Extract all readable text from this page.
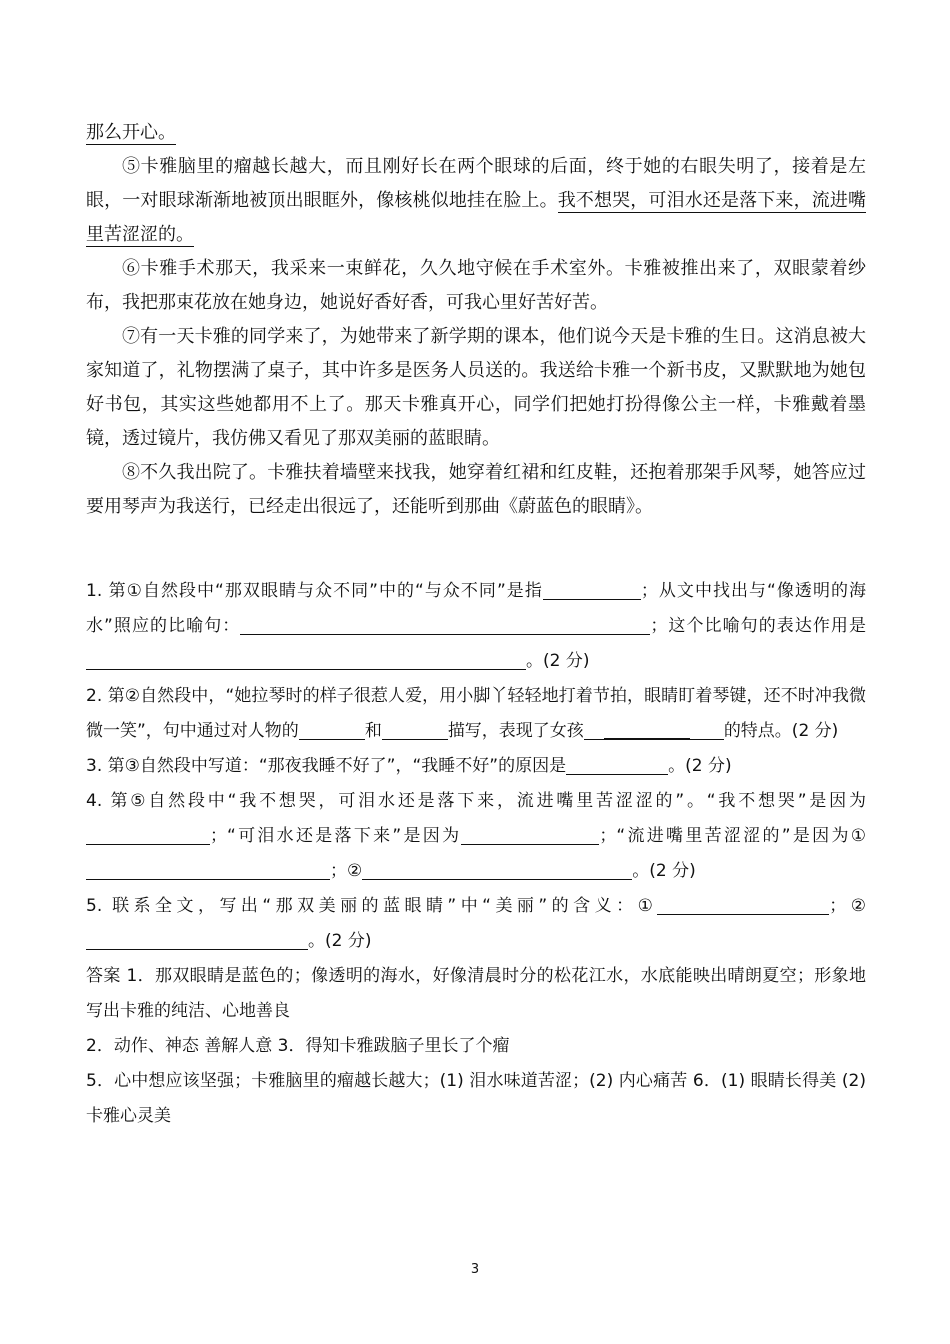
那么开心。

⑤卡雅脑里的瘤越长越大，而且刚好长在两个眼球的后面，终于她的右眼失明了，接着是左眼，一对眼球渐渐地被顶出眼眶外，像核桃似地挂在脸上。我不想哭，可泪水还是落下来，流进嘴里苦涩涩的。

⑥卡雅手术那天，我采来一束鲜花，久久地守候在手术室外。卡雅被推出来了，双眼蒙着纱布，我把那束花放在她身边，她说好香好香，可我心里好苦好苦。

⑦有一天卡雅的同学来了，为她带来了新学期的课本，他们说今天是卡雅的生日。这消息被大家知道了，礼物摆满了桌子，其中许多是医务人员送的。我送给卡雅一个新书皮，又默默地为她包好书包，其实这些她都用不上了。那天卡雅真开心，同学们把她打扮得像公主一样，卡雅戴着墨镜，透过镜片，我仿佛又看见了那双美丽的蓝眼睛。

⑧不久我出院了。卡雅扶着墙壁来找我，她穿着红裙和红皮鞋，还抱着那架手风琴，她答应过要用琴声为我送行，已经走出很远了，还能听到那曲《蔚蓝色的眼睛》。

1. 第①自然段中“那双眼睛与众不同”中的“与众不同”是指	；从文中找出与“像透明的海水”照应的比喻句：	；这个比喻句的表达作用是。(2 分)

2. 第②自然段中，“她拉琴时的样子很惹人爱，用小脚丫轻轻地打着节拍，眼睛盯着琴键，还不时冲我微微一笑”，句中通过对人物的	和	描写，表现了女孩	的特点。(2 分)

3. 第③自然段中写道：“那夜我睡不好了”，“我睡不好”的原因是	。(2 分)

4. 第⑤自然段中“我不想哭，可泪水还是落下来，流进嘴里苦涩涩的”。“我不想哭”是因为；“可泪水还是落下来”是因为	；“流进嘴里苦涩涩的”是因为①；②	。(2 分)

5. 联系全文，写出“那双美丽的蓝眼睛”中“美丽”的含义：①	；②。(2 分)

答案 1．那双眼睛是蓝色的；像透明的海水，好像清晨时分的松花江水，水底能映出晴朗夏空；形象地写出卡雅的纯洁、心地善良

2．动作、神态 善解人意 3．得知卡雅跋脑子里长了个瘤

5．心中想应该坚强；卡雅脑里的瘤越长越大；(1) 泪水味道苦涩；(2) 内心痛苦 6．(1) 眼睛长得美 (2) 卡雅心灵美

3
